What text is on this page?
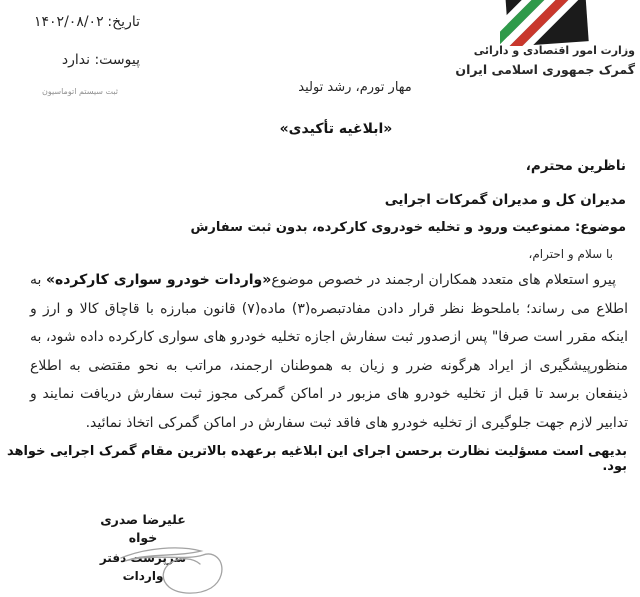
تاریخ:
۱۴۰۲/۰۸/۰۲
پیوست: ندارد
ثبت سیستم اتوماسیون
وزارت امور اقتصادی و دارائی
گمرک جمهوری اسلامی ایران
مهار تورم، رشد تولید
«ابلاغیه تأکیدی»
ناظرین محترم،
مدیران کل و مدیران گمرکات اجرایی
موضوع: ممنوعیت ورود و تخلیه خودروی کارکرده، بدون ثبت سفارش
با سلام و احترام،
پیرو استعلام های متعدد همکاران ارجمند در خصوص موضوع«واردات خودرو سواری کارکرده» به اطلاع می رساند؛ باملحوظ نظر قرار دادن مفادتبصره(۳) ماده(۷) قانون مبارزه با قاچاق کالا و ارز و اینکه مقرر است صرفا" پس ازصدور ثبت سفارش اجازه تخلیه خودرو های سواری کارکرده داده شود، به منظورپیشگیری از ایراد هرگونه ضرر و زیان به هموطنان ارجمند، مراتب به نحو مقتضی به اطلاع ذینفعان برسد تا قبل از تخلیه خودرو های مزبور در اماکن گمرکی مجوز ثبت سفارش دریافت نمایند و تدابیر لازم جهت جلوگیری از تخلیه خودرو های فاقد ثبت سفارش در اماکن گمرکی اتخاذ نمائید.
بدیهی است مسؤلیت نظارت برحسن اجرای این ابلاغیه برعهده بالاترین مقام گمرک اجرایی خواهد بود.
علیرضا صدری خواه
سرپرست دفتر واردات
